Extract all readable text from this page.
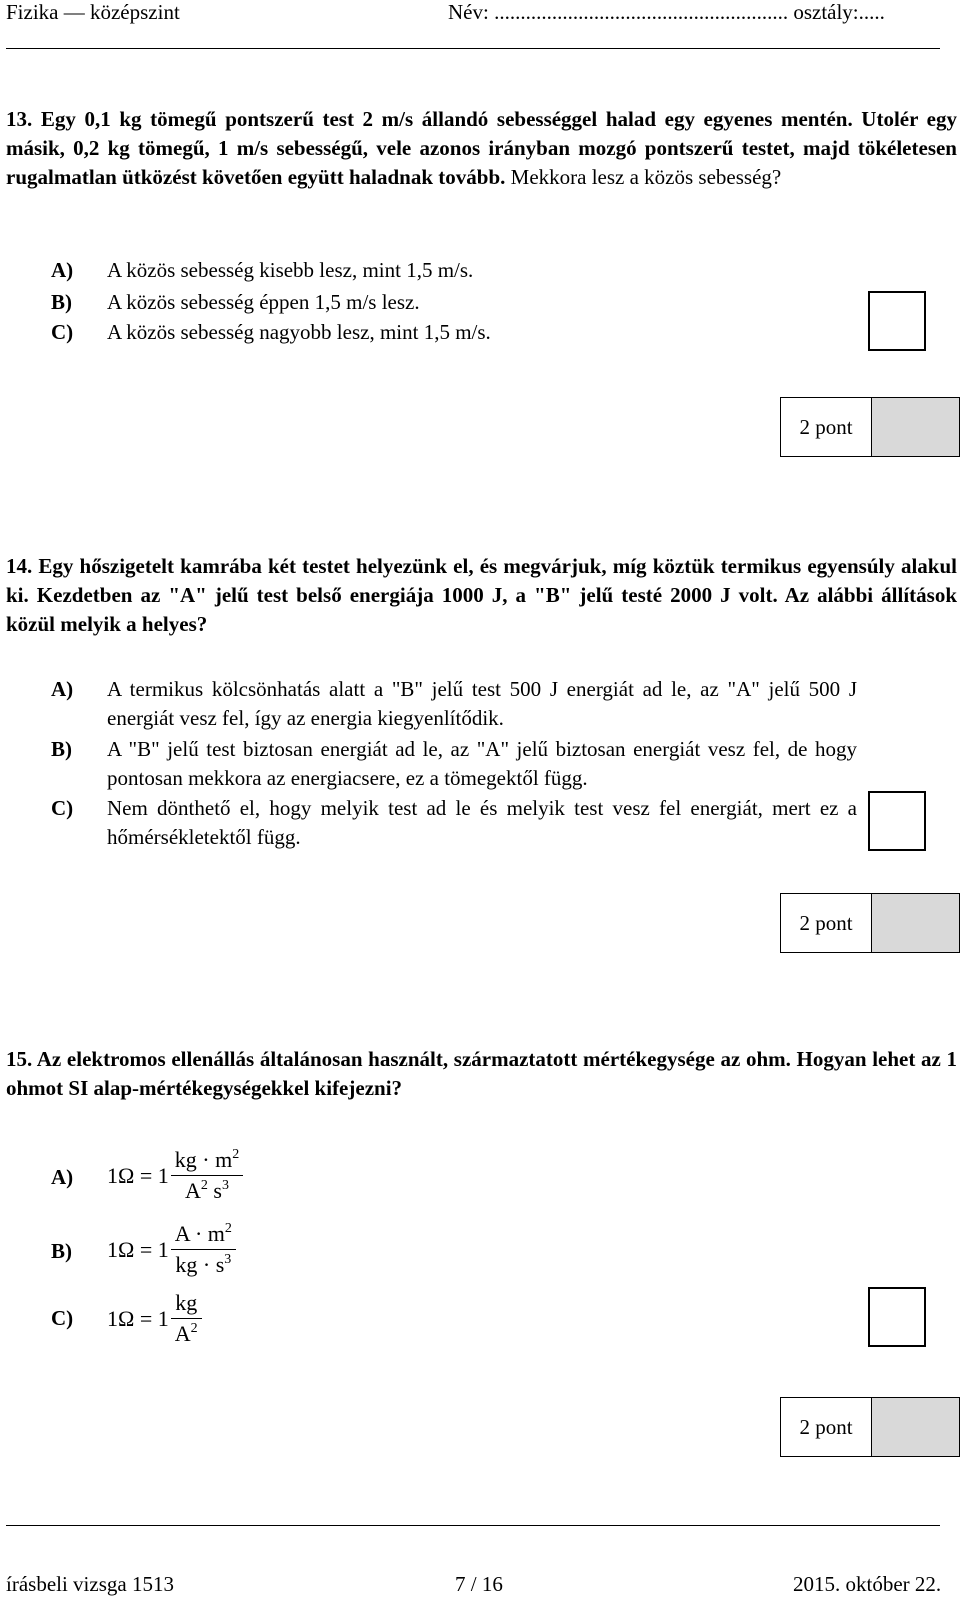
Fizika — középszint	Név: ........................................................ osztály:.....
13. Egy 0,1 kg tömegű pontszerű test 2 m/s állandó sebességgel halad egy egyenes mentén. Utolér egy másik, 0,2 kg tömegű, 1 m/s sebességű, vele azonos irányban mozgó pontszerű testet, majd tökéletesen rugalmatlan ütközést követően együtt haladnak tovább. Mekkora lesz a közös sebesség?
A) A közös sebesség kisebb lesz, mint 1,5 m/s.
B) A közös sebesség éppen 1,5 m/s lesz.
C) A közös sebesség nagyobb lesz, mint 1,5 m/s.
2 pont
14. Egy hőszigetelt kamrába két testet helyezünk el, és megvárjuk, míg köztük termikus egyensúly alakul ki. Kezdetben az "A" jelű test belső energiája 1000 J, a "B" jelű testé 2000 J volt. Az alábbi állítások közül melyik a helyes?
A) A termikus kölcsönhatás alatt a "B" jelű test 500 J energiát ad le, az "A" jelű 500 J energiát vesz fel, így az energia kiegyenlítődik.
B) A "B" jelű test biztosan energiát ad le, az "A" jelű biztosan energiát vesz fel, de hogy pontosan mekkora az energiacsere, ez a tömegektől függ.
C) Nem dönthető el, hogy melyik test ad le és melyik test vesz fel energiát, mert ez a hőmérsékletektől függ.
2 pont
15. Az elektromos ellenállás általánosan használt, származtatott mértékegysége az ohm. Hogyan lehet az 1 ohmot SI alap-mértékegységekkel kifejezni?
A) $1\Omega = 1 \frac{kg \cdot m^2}{A^2 s^3}$
B) $1\Omega = 1 \frac{A \cdot m^2}{kg \cdot s^3}$
C) $1\Omega = 1 \frac{kg}{A^2}$
2 pont
írásbeli vizsga 1513	7 / 16	2015. október 22.
